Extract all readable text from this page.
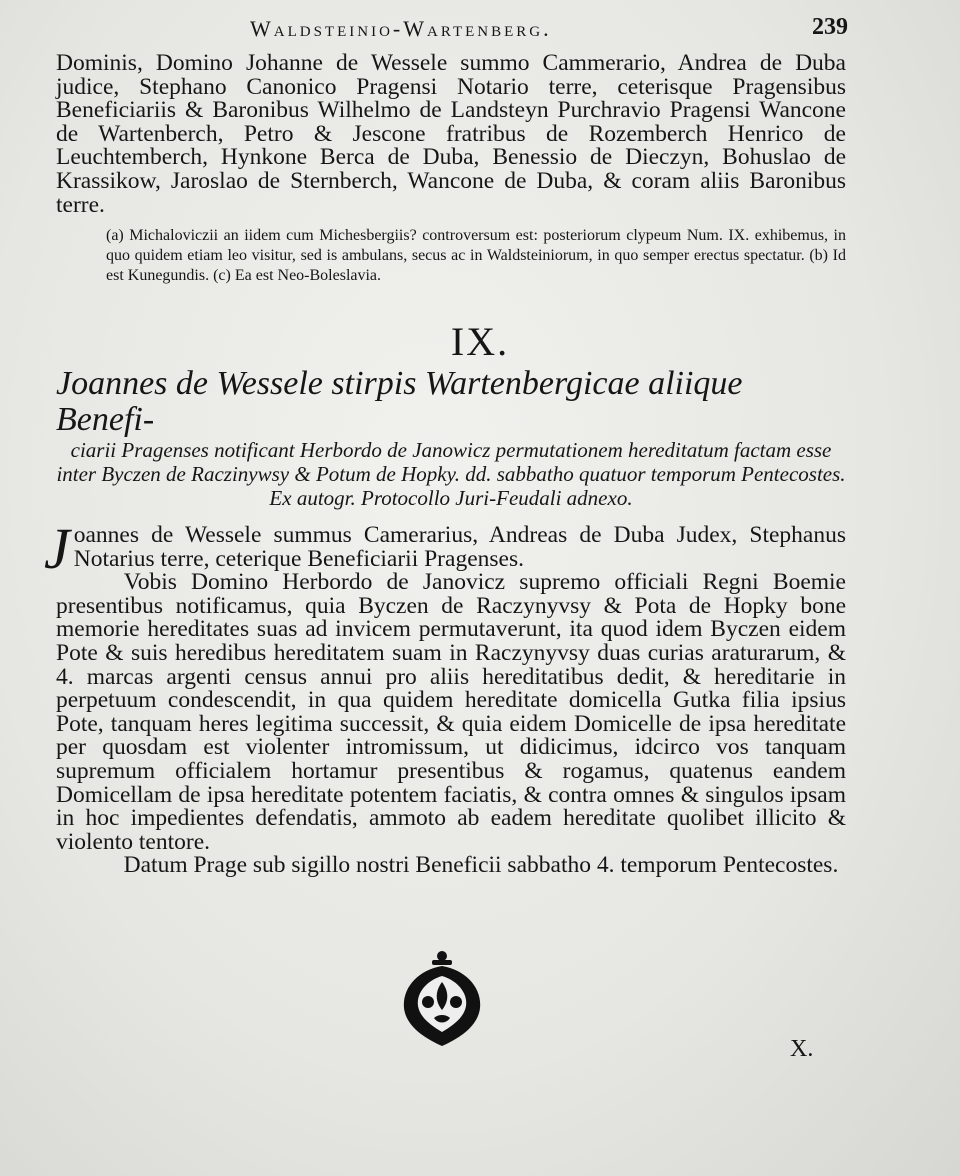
Waldsteinio-Wartenberg.	239

Dominis, Domino Johanne de Wessele summo Cammerario, Andrea de Duba judice, Stephano Canonico Pragensi Notario terre, ceterisque Pragensibus Beneficiariis & Baronibus Wilhelmo de Landsteyn Purchravio Pragensi Wancone de Wartenberch, Petro & Jescone fratribus de Rozemberch Henrico de Leuchtemberch, Hynkone Berca de Duba, Benessio de Dieczyn, Bohuslao de Krassikow, Jaroslao de Sternberch, Wancone de Duba, & coram aliis Baronibus terre.

(a) Michaloviczii an iidem cum Michesbergiis? controversum est: posteriorum clypeum Num. IX. exhibemus, in quo quidem etiam leo visitur, sed is ambulans, secus ac in Waldsteiniorum, in quo semper erectus spectatur. (b) Id est Kunegundis. (c) Ea est Neo-Boleslavia.

IX.
Joannes de Wessele stirpis Wartenbergicae aliique Benefi-
ciarii Pragenses notificant Herbordo de Janowicz permutationem hereditatum factam esse inter Byczen de Raczinywsy & Potum de Hopky. dd. sabbatho quatuor temporum Pentecostes. Ex autogr. Protocollo Juri-Feudali adnexo.
J oannes de Wessele summus Camerarius, Andreas de Duba Judex, Stephanus Notarius terre, ceterique Beneficiarii Pragenses.

Vobis Domino Herbordo de Janovicz supremo officiali Regni Boemie presentibus notificamus, quia Byczen de Raczynyvsy & Pota de Hopky bone memorie hereditates suas ad invicem permutaverunt, ita quod idem Byczen eidem Pote & suis heredibus hereditatem suam in Raczynyvsy duas curias araturarum, & 4. marcas argenti census annui pro aliis hereditatibus dedit, & hereditarie in perpetuum condescendit, in qua quidem hereditate domicella Gutka filia ipsius Pote, tanquam heres legitima successit, & quia eidem Domicelle de ipsa hereditate per quosdam est violenter intromissum, ut didicimus, idcirco vos tanquam supremum officialem hortamur presentibus & rogamus, quatenus eandem Domicellam de ipsa hereditate potentem faciatis, & contra omnes & singulos ipsam in hoc impedientes defendatis, ammoto ab eadem hereditate quolibet illicito & violento tentore.

Datum Prage sub sigillo nostri Beneficii sabbatho 4. temporum Pentecostes.

X.
